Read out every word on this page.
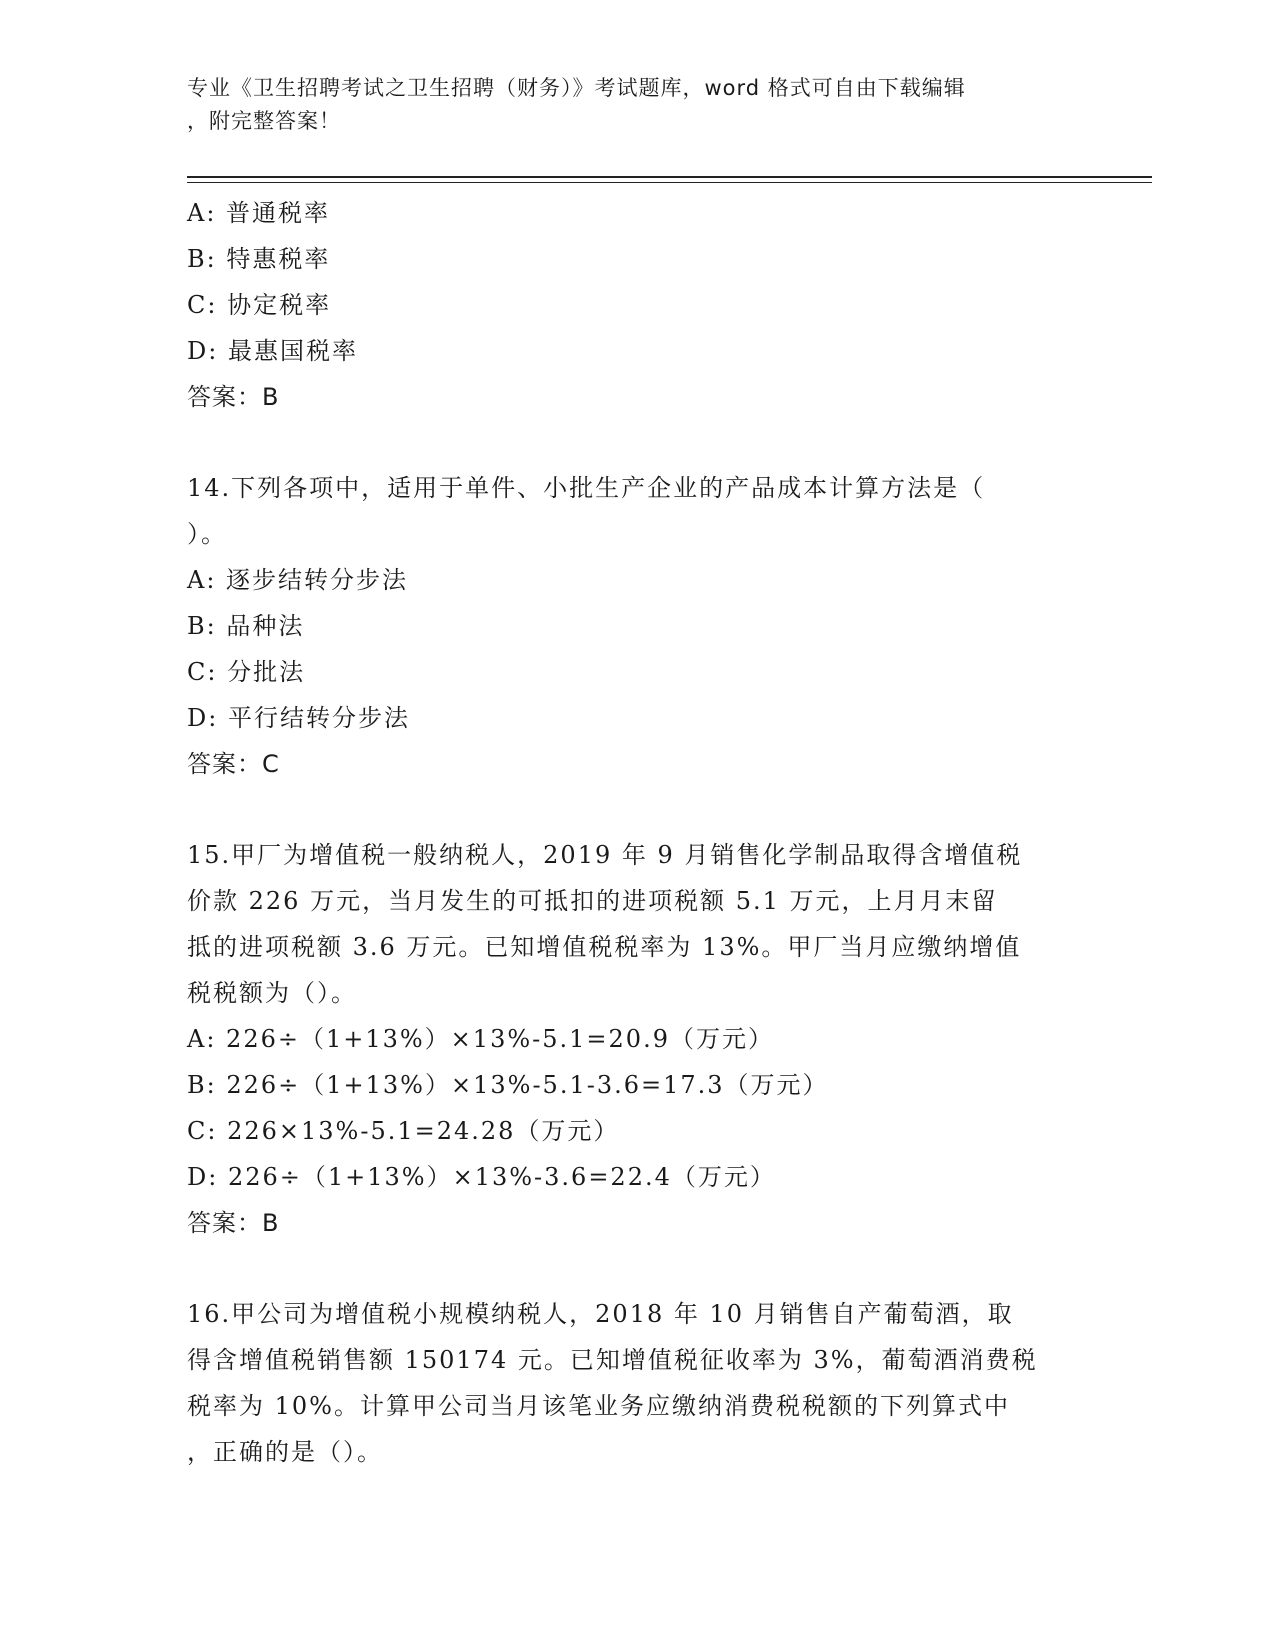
专业《卫生招聘考试之卫生招聘（财务）》考试题库，word 格式可自由下载编辑
，附完整答案！
A: 普通税率
B: 特惠税率
C: 协定税率
D: 最惠国税率
答案：B
14.下列各项中，适用于单件、小批生产企业的产品成本计算方法是（
）。
A: 逐步结转分步法
B: 品种法
C: 分批法
D: 平行结转分步法
答案：C
15.甲厂为增值税一般纳税人，2019 年 9 月销售化学制品取得含增值税
价款 226 万元，当月发生的可抵扣的进项税额 5.1 万元，上月月末留
抵的进项税额 3.6 万元。已知增值税税率为 13%。甲厂当月应缴纳增值
税税额为（）。
A: 226÷（1+13%）×13%-5.1=20.9（万元）
B: 226÷（1+13%）×13%-5.1-3.6=17.3（万元）
C: 226×13%-5.1=24.28（万元）
D: 226÷（1+13%）×13%-3.6=22.4（万元）
答案：B
16.甲公司为增值税小规模纳税人，2018 年 10 月销售自产葡萄酒，取
得含增值税销售额 150174 元。已知增值税征收率为 3%，葡萄酒消费税
税率为 10%。计算甲公司当月该笔业务应缴纳消费税税额的下列算式中
，正确的是（）。
